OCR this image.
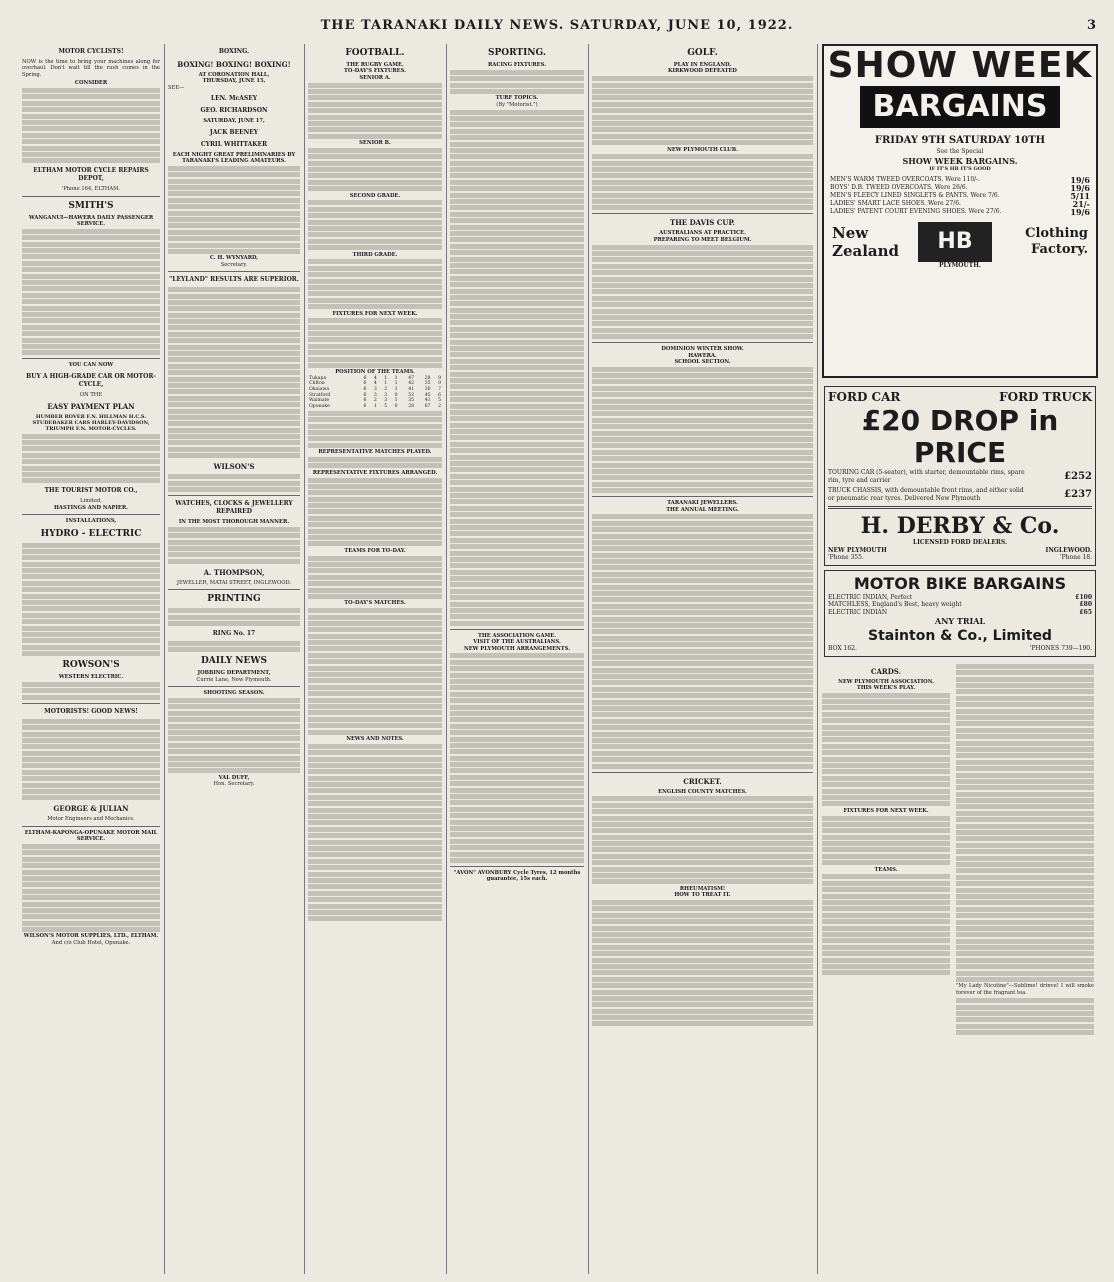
THE TARANAKI DAILY NEWS. SATURDAY, JUNE 10, 1922.	3
MOTOR CYCLISTS!
NOW is the time to bring your machines along for overhaul. Don't wait till the rush comes in the Spring.
CONSIDER
ELTHAM MOTOR CYCLE REPAIRS DEPOT,
'Phone 164, ELTHAM.
SMITH'S
WANGANUI—HAWERA DAILY PASSENGER SERVICE.
YOU CAN NOW
BUY A HIGH-GRADE CAR OR MOTOR-CYCLE,
ON THE
EASY PAYMENT PLAN
HUMBER ROVER F.N. HILLMAN H.C.S. STUDEBAKER CARS HARLEY-DAVIDSON, TRIUMPH F.N. MOTOR-CYCLES.
THE TOURIST MOTOR CO.,
Limited,
HASTINGS AND NAPIER.
INSTALLATIONS,
HYDRO - ELECTRIC
ROWSON'S
WESTERN ELECTRIC.
MOTORISTS! GOOD NEWS!
GEORGE & JULIAN
Motor Engineers and Mechanics.
ELTHAM-KAPONGA-OPUNAKE MOTOR MAIL SERVICE.
WILSON'S MOTOR SUPPLIES, LTD., ELTHAM.
And c/o Club Hotel, Opunake.
BOXING.
BOXING! BOXING! BOXING!
AT CORONATION HALL,
THURSDAY, JUNE 15,
SEE—
LEN. McASEY
GEO. RICHARDSON
SATURDAY, JUNE 17,
JACK BEENEY
CYRIL WHITTAKER
EACH NIGHT GREAT PRELIMINARIES BY TARANAKI'S LEADING AMATEURS.
C. H. WYNYARD,
Secretary.
"LEYLAND" RESULTS ARE SUPERIOR.
WILSON'S
WATCHES, CLOCKS & JEWELLERY REPAIRED
IN THE MOST THOROUGH MANNER.
A. THOMPSON,
JEWELLER, MATAI STREET, INGLEWOOD.
PRINTING
RING No. 17
DAILY NEWS
JOBBING DEPARTMENT,
Currie Lane, New Plymouth.
SHOOTING SEASON.
VAL DUFF,
Hon. Secretary.
FOOTBALL.
THE RUGBY GAME.
TO-DAY'S FIXTURES.
SENIOR A.
SENIOR B.
SECOND GRADE.
THIRD GRADE.
FIXTURES FOR NEXT WEEK.
POSITION OF THE TEAMS.
Tukapa	6	4	1	1	47	28	9
Clifton	6	4	1	1	42	35	9
Okaiawa	6	3	2	1	41	30	7
Stratford	6	3	3	0	53	45	6
Waimate	6	2	3	1	35	41	5
Opunake	6	1	5	0	28	67	2
REPRESENTATIVE MATCHES PLAYED.
REPRESENTATIVE FIXTURES ARRANGED.
TEAMS FOR TO-DAY.
TO-DAY'S MATCHES.
NEWS AND NOTES.
SPORTING.
RACING FIXTURES.
TURF TOPICS.
(By "Motorist.")
THE ASSOCIATION GAME.
VISIT OF THE AUSTRALIANS.
NEW PLYMOUTH ARRANGEMENTS.
"AVON" AVONBURY Cycle Tyres, 12 months guarantee, 15s each.
GOLF.
PLAY IN ENGLAND.
KIRKWOOD DEFEATED
NEW PLYMOUTH CLUB.
THE DAVIS CUP.
AUSTRALIANS AT PRACTICE.
PREPARING TO MEET BELGIUM.
DOMINION WINTER SHOW.
HAWERA.
SCHOOL SECTION.
TARANAKI JEWELLERS.
THE ANNUAL MEETING.
CRICKET.
ENGLISH COUNTY MATCHES.
RHEUMATISM!
HOW TO TREAT IT.
SHOW WEEK
BARGAINS
FRIDAY 9TH SATURDAY 10TH
See the Special
SHOW WEEK BARGAINS.
IF IT'S HB IT'S GOOD
MEN'S WARM TWEED OVERCOATS. Were 110/-.	19/6
BOYS' D.B. TWEED OVERCOATS. Were 26/6.	19/6
MEN'S FLEECY LINED SINGLETS & PANTS. Were 7/6.	5/11
LADIES' SMART LACE SHOES. Were 27/6.	21/-
LADIES' PATENT COURT EVENING SHOES. Were 27/6.	19/6
New Zealand	HB	Clothing Factory.
PLYMOUTH.
FORD CAR	FORD TRUCK
£20 DROP in PRICE
TOURING CAR (5-seater), with starter, demountable rims, spare rim, tyre and carrier	£252
TRUCK CHASSIS, with demountable front rims, and either solid or pneumatic rear tyres. Delivered New Plymouth	£237
H. DERBY & Co.
LICENSED FORD DEALERS.
NEW PLYMOUTH	INGLEWOOD.
'Phone 355.	'Phone 18.
MOTOR BIKE BARGAINS
ELECTRIC INDIAN, Perfect	£100
MATCHLESS, England's Best, heavy weight	£80
ELECTRIC INDIAN	£65
ANY TRIAL
Stainton & Co., Limited
BOX 162.	'PHONES 739—190.
CARDS.
NEW PLYMOUTH ASSOCIATION.
THIS WEEK'S PLAY.
FIXTURES FOR NEXT WEEK.
TEAMS.
"My Lady Nicotine"—Sublime! drinve! I will smoke forever of the fragrant tea.
